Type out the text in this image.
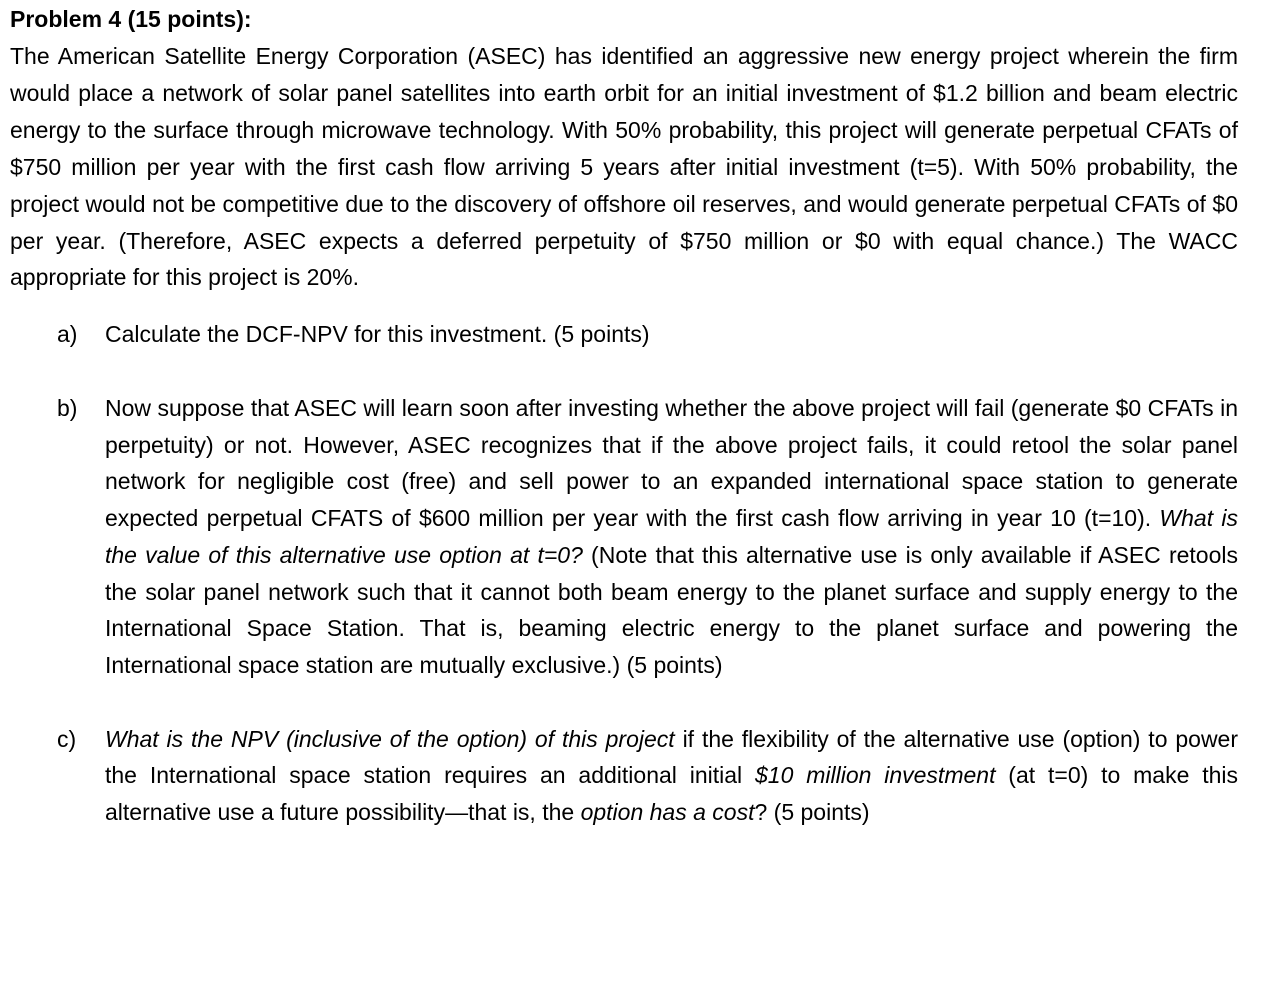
Problem 4 (15 points):

The American Satellite Energy Corporation (ASEC) has identified an aggressive new energy project wherein the firm would place a network of solar panel satellites into earth orbit for an initial investment of $1.2 billion and beam electric energy to the surface through microwave technology. With 50% probability, this project will generate perpetual CFATs of $750 million per year with the first cash flow arriving 5 years after initial investment (t=5). With 50% probability, the project would not be competitive due to the discovery of offshore oil reserves, and would generate perpetual CFATs of $0 per year. (Therefore, ASEC expects a deferred perpetuity of $750 million or $0 with equal chance.) The WACC appropriate for this project is 20%.

a) Calculate the DCF-NPV for this investment. (5 points)
b) Now suppose that ASEC will learn soon after investing whether the above project will fail (generate $0 CFATs in perpetuity) or not. However, ASEC recognizes that if the above project fails, it could retool the solar panel network for negligible cost (free) and sell power to an expanded international space station to generate expected perpetual CFATS of $600 million per year with the first cash flow arriving in year 10 (t=10). What is the value of this alternative use option at t=0? (Note that this alternative use is only available if ASEC retools the solar panel network such that it cannot both beam energy to the planet surface and supply energy to the International Space Station. That is, beaming electric energy to the planet surface and powering the International space station are mutually exclusive.) (5 points)
c) What is the NPV (inclusive of the option) of this project if the flexibility of the alternative use (option) to power the International space station requires an additional initial $10 million investment (at t=0) to make this alternative use a future possibility—that is, the option has a cost? (5 points)
